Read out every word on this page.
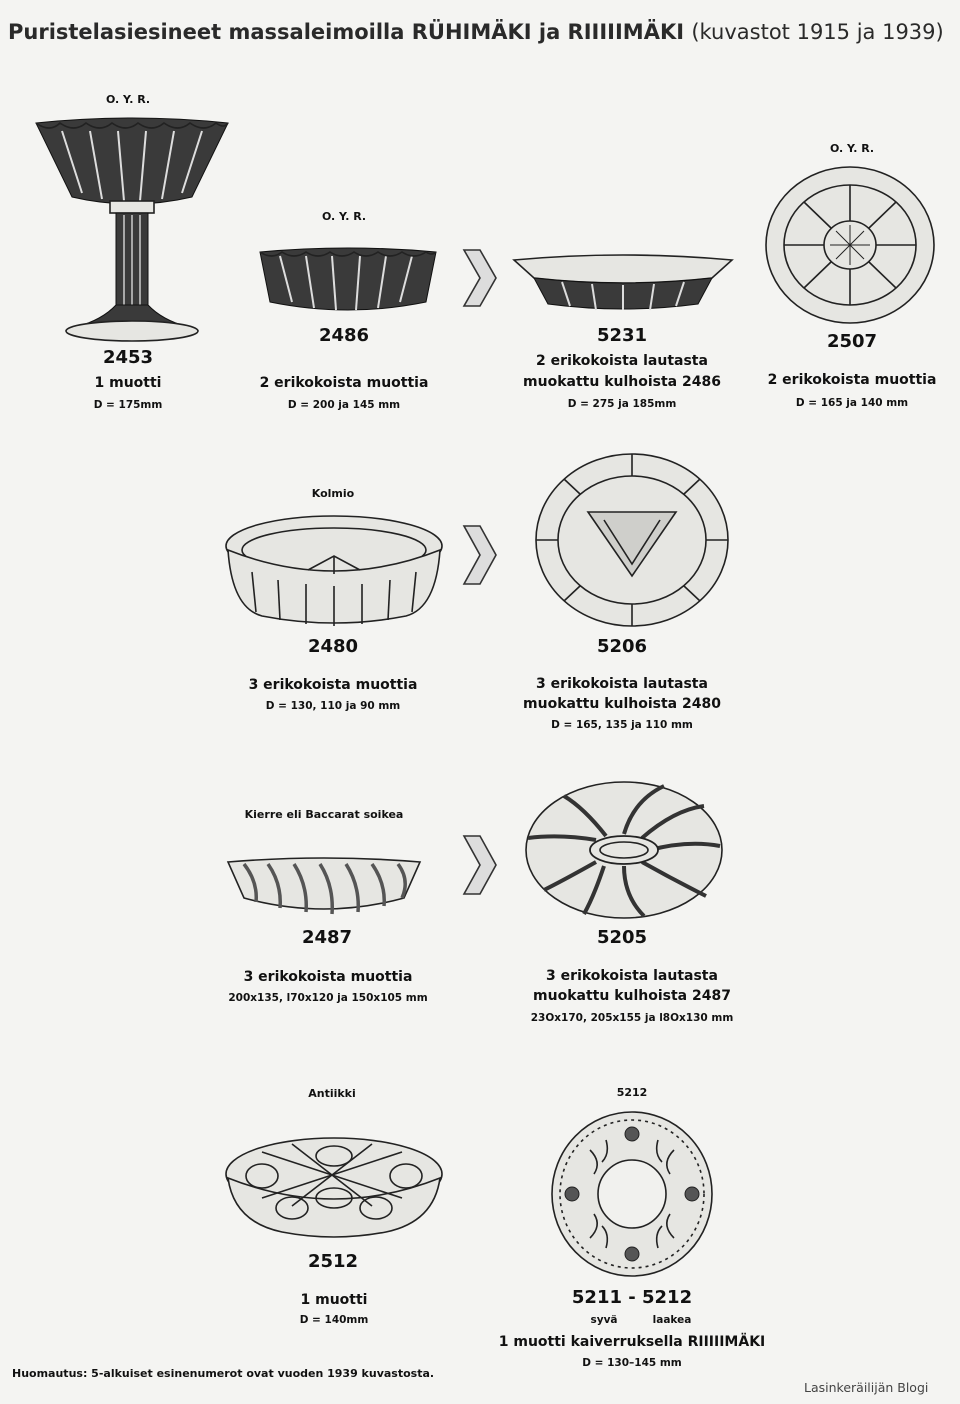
Puristelasiesineet massaleimoilla RÜHIMÄKI ja RIIIIIMÄKI (kuvastot 1915 ja 1939)
O. Y. R.
2453
1 muotti
D = 175mm
O. Y. R.
2486
2 erikokoista muottia
D = 200 ja 145 mm
5231
2 erikokoista lautasta
muokattu kulhoista 2486
D = 275 ja 185mm
O. Y. R.
2507
2 erikokoista muottia
D = 165 ja 140 mm
Kolmio
2480
3 erikokoista muottia
D = 130, 110 ja 90 mm
5206
3 erikokoista lautasta
muokattu kulhoista 2480
D = 165, 135 ja 110 mm
Kierre eli Baccarat soikea
2487
3 erikokoista muottia
200x135, l70x120 ja 150x105 mm
5205
3 erikokoista lautasta
muokattu kulhoista 2487
23Ox170, 205x155 ja l8Ox130 mm
Antiikki
2512
1 muotti
D = 140mm
5212
5211 - 5212
syvä	laakea
1 muotti kaiverruksella RIIIIIMÄKI
D = 130–145 mm
Huomautus: 5-alkuiset esinenumerot ovat vuoden 1939 kuvastosta.
Lasinkeräilijän Blogi
